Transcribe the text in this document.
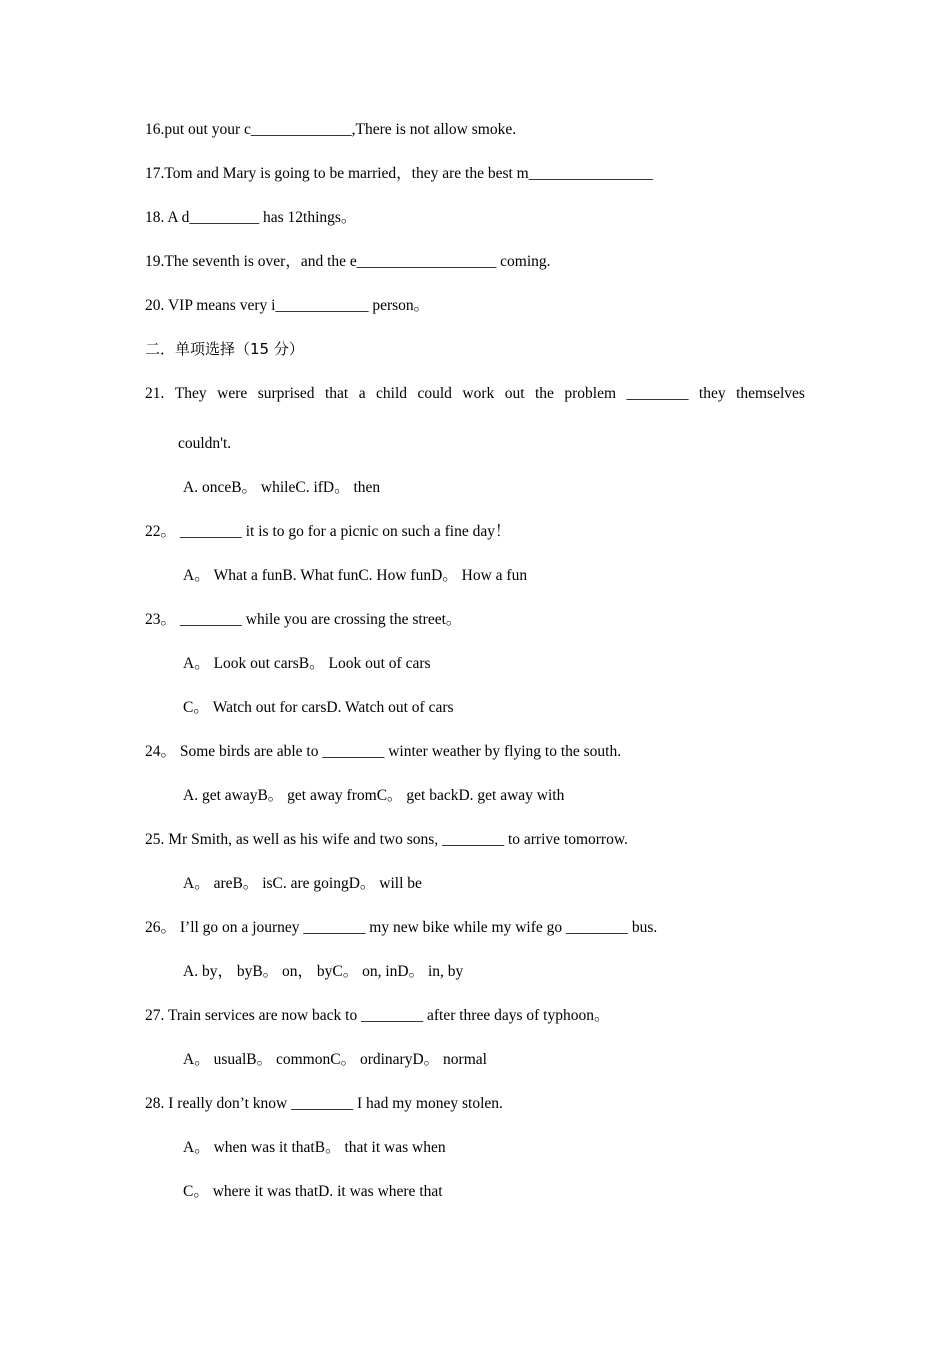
16.put out your c_____________,There is not allow smoke.
17.Tom and Mary is going to be married，they are the best m________________
18. A d_________ has 12things。
19.The seventh is over，and the e__________________ coming.
20. VIP means very i____________ person。
二．单项选择（15 分）
21. They were surprised that a child could work out the problem ________ they themselves
couldn't.
A. onceB。 whileC. ifD。 then
22。 ________ it is to go for a picnic on such a fine day！
A。 What a funB. What funC. How funD。 How a fun
23。 ________ while you are crossing the street。
A。 Look out carsB。 Look out of cars
C。 Watch out for carsD. Watch out of cars
24。 Some birds are able to ________ winter weather by flying to the south.
A. get awayB。 get away fromC。 get backD. get away with
25. Mr Smith, as well as his wife and two sons, ________ to arrive tomorrow.
A。 areB。 isC. are goingD。 will be
26。 I’ll go on a journey ________ my new bike while my wife go ________ bus.
A. by， byB。 on， byC。 on, inD。 in, by
27. Train services are now back to ________ after three days of typhoon。
A。 usualB。 commonC。 ordinaryD。 normal
28. I really don’t know ________ I had my money stolen.
A。 when was it thatB。 that it was when
C。 where it was thatD. it was where that
